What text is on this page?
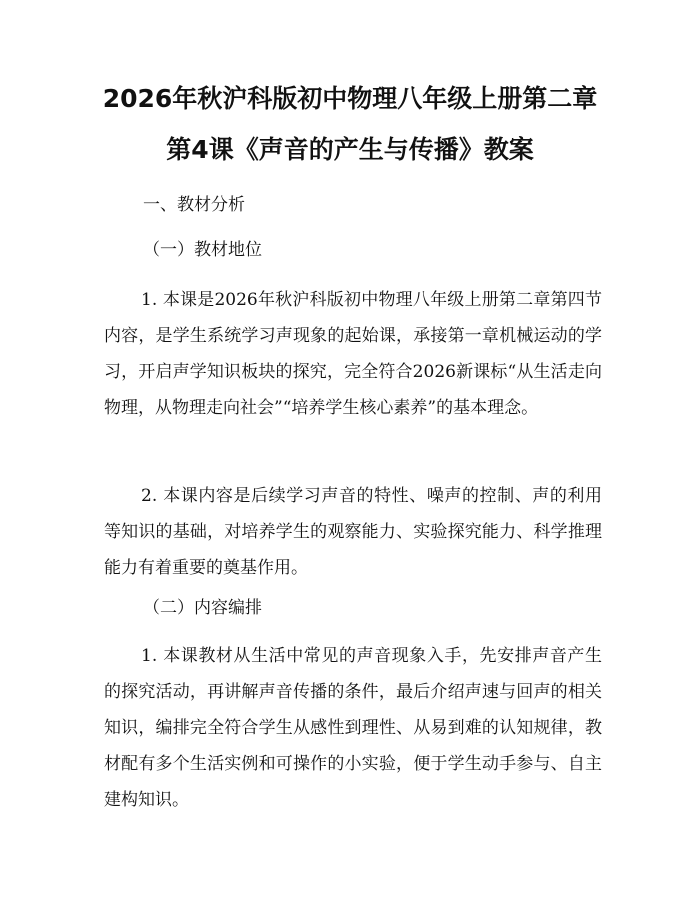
2026年秋沪科版初中物理八年级上册第二章
第4课《声音的产生与传播》教案

一、教材分析

（一）教材地位

1. 本课是2026年秋沪科版初中物理八年级上册第二章第四节内容，是学生系统学习声现象的起始课，承接第一章机械运动的学习，开启声学知识板块的探究，完全符合2026新课标“从生活走向物理，从物理走向社会”“培养学生核心素养”的基本理念。

2. 本课内容是后续学习声音的特性、噪声的控制、声的利用等知识的基础，对培养学生的观察能力、实验探究能力、科学推理能力有着重要的奠基作用。

（二）内容编排

1. 本课教材从生活中常见的声音现象入手，先安排声音产生的探究活动，再讲解声音传播的条件，最后介绍声速与回声的相关知识，编排完全符合学生从感性到理性、从易到难的认知规律，教材配有多个生活实例和可操作的小实验，便于学生动手参与、自主建构知识。
